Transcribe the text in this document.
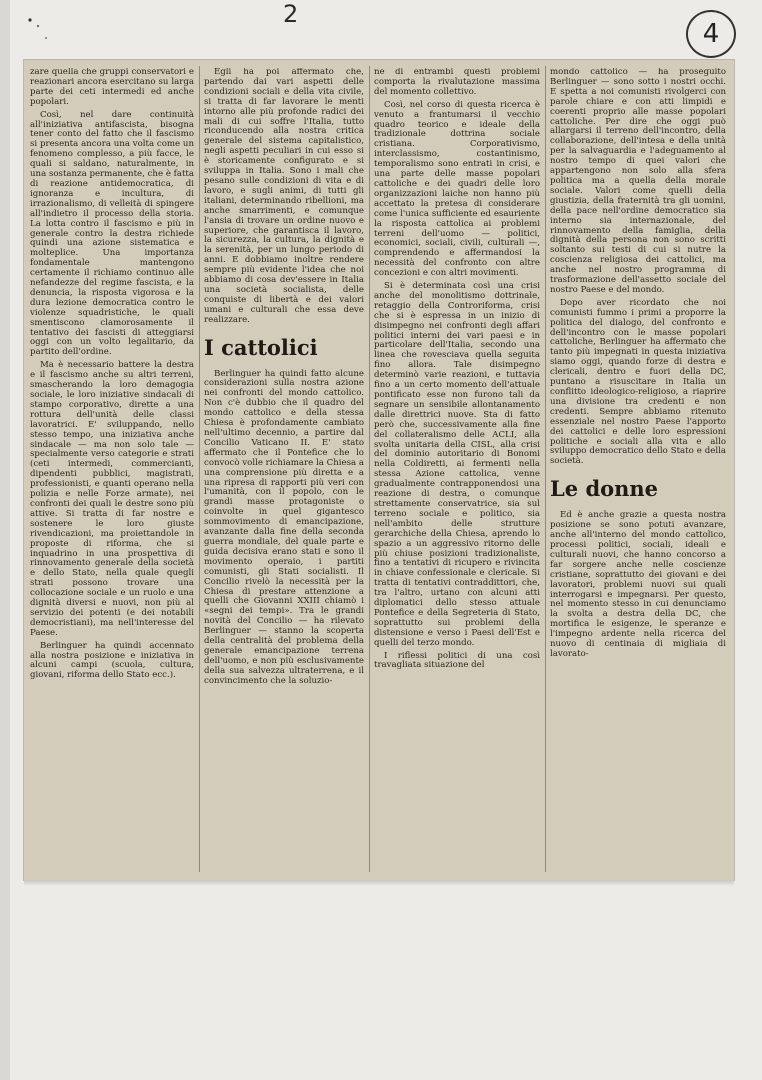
2
4

zare quella che gruppi conservatori e reazionari ancora esercitano su larga parte dei ceti intermedi ed anche popolari.

Così, nel dare continuità all'iniziativa antifascista, bisogna tener conto del fatto che il fascismo si presenta ancora una volta come un fenomeno complesso, a più facce, le quali si saldano, naturalmente, in una sostanza permanente, che è fatta di reazione antidemocratica, di ignoranza e incultura, di irrazionalismo, di velleità di spingere all'indietro il processo della storia. La lotta contro il fascismo e più in generale contro la destra richiede quindi una azione sistematica e molteplice. Una importanza fondamentale mantengono certamente il richiamo continuo alle nefandezze del regime fascista, e la denuncia, la risposta vigorosa e la dura lezione democratica contro le violenze squadristiche, le quali smentiscono clamorosamente il tentativo dei fascisti di atteggiarsi oggi con un volto legalitario, da partito dell'ordine.

Ma è necessario battere la destra e il fascismo anche su altri terreni, smascherando la loro demagogia sociale, le loro iniziative sindacali di stampo corporativo, dirette a una rottura dell'unità delle classi lavoratrici. E' sviluppando, nello stesso tempo, una iniziativa anche sindacale — ma non solo tale — specialmente verso categorie e strati (ceti intermedi, commercianti, dipendenti pubblici, magistrati, professionisti, e quanti operano nella polizia e nelle Forze armate), nei confronti dei quali le destre sono più attive. Si tratta di far nostre e sostenere le loro giuste rivendicazioni, ma proiettandole in proposte di riforma, che si inquadrino in una prospettiva di rinnovamento generale della società e dello Stato, nella quale quegli strati possono trovare una collocazione sociale e un ruolo e una dignità diversi e nuovi, non più al servizio dei potenti (e dei notabili democristiani), ma nell'interesse del Paese.

Berlinguer ha quindi accennato alla nostra posizione e iniziativa in alcuni campi (scuola, cultura, giovani, riforma dello Stato ecc.).

Egli ha poi affermato che, partendo dai vari aspetti delle condizioni sociali e della vita civile, si tratta di far lavorare le menti intorno alle più profonde radici dei mali di cui soffre l'Italia, tutto riconducendo alla nostra critica generale del sistema capitalistico, negli aspetti peculiari in cui esso si è storicamente configurato e si sviluppa in Italia. Sono i mali che pesano sulle condizioni di vita e di lavoro, e sugli animi, di tutti gli italiani, determinando ribellioni, ma anche smarrimenti, e comunque l'ansia di trovare un ordine nuovo e superiore, che garantisca il lavoro, la sicurezza, la cultura, la dignità e la serenità, per un lungo periodo di anni. E dobbiamo inoltre rendere sempre più evidente l'idea che noi abbiamo di cosa dev'essere in Italia una società socialista, delle conquiste di libertà e dei valori umani e culturali che essa deve realizzare.

I cattolici

Berlinguer ha quindi fatto alcune considerazioni sulla nostra azione nei confronti del mondo cattolico. Non c'è dubbio che il quadro del mondo cattolico e della stessa Chiesa è profondamente cambiato nell'ultimo decennio, a partire dal Concilio Vaticano II. E' stato affermato che il Pontefice che lo convocò volle richiamare la Chiesa a una comprensione più diretta e a una ripresa di rapporti più veri con l'umanità, con il popolo, con le grandi masse protagoniste o coinvolte in quel gigantesco sommovimento di emancipazione, avanzante dalla fine della seconda guerra mondiale, del quale parte e guida decisiva erano stati e sono il movimento operaio, i partiti comunisti, gli Stati socialisti. Il Concilio rivelò la necessità per la Chiesa di prestare attenzione a quelli che Giovanni XXIII chiamò i «segni dei tempi». Tra le grandi novità del Concilio — ha rilevato Berlinguer — stanno la scoperta della centralità del problema della generale emancipazione terrena dell'uomo, e non più esclusivamente della sua salvezza ultraterrena, e il convincimento che la soluzio-

ne di entrambi questi problemi comporta la rivalutazione massima del momento collettivo.

Così, nel corso di questa ricerca è venuto a frantumarsi il vecchio quadro teorico e ideale della tradizionale dottrina sociale cristiana. Corporativismo, interclassismo, costantinismo, temporalismo sono entrati in crisi, e una parte delle masse popolari cattoliche e dei quadri delle loro organizzazioni laiche non hanno più accettato la pretesa di considerare come l'unica sufficiente ed esauriente la risposta cattolica ai problemi terreni dell'uomo — politici, economici, sociali, civili, culturali —, comprendendo e affermandosi la necessità del confronto con altre concezioni e con altri movimenti.

Si è determinata così una crisi anche del monolitismo dottrinale, retaggio della Controriforma, crisi che si è espressa in un inizio di disimpegno nei confronti degli affari politici interni dei vari paesi e in particolare dell'Italia, secondo una linea che rovesciava quella seguita fino allora. Tale disimpegno determinò varie reazioni, e tuttavia fino a un certo momento dell'attuale pontificato esse non furono tali da segnare un sensibile allontanamento dalle direttrici nuove. Sta di fatto però che, successivamente alla fine del collateralismo delle ACLI, alla svolta unitaria della CISL, alla crisi del dominio autoritario di Bonomi nella Coldiretti, ai fermenti nella stessa Azione cattolica, venne gradualmente contrapponendosi una reazione di destra, o comunque strettamente conservatrice, sia sul terreno sociale e politico, sia nell'ambito delle strutture gerarchiche della Chiesa, aprendo lo spazio a un aggressivo ritorno delle più chiuse posizioni tradizionaliste, fino a tentativi di ricupero e rivincita in chiave confessionale e clericale. Si tratta di tentativi contraddittori, che, tra l'altro, urtano con alcuni atti diplomatici dello stesso attuale Pontefice e della Segreteria di Stato, soprattutto sui problemi della distensione e verso i Paesi dell'Est e quelli del terzo mondo.

I riflessi politici di una così travagliata situazione del

mondo cattolico — ha proseguito Berlinguer — sono sotto i nostri occhi. E spetta a noi comunisti rivolgerci con parole chiare e con atti limpidi e coerenti proprio alle masse popolari cattoliche. Per dire che oggi può allargarsi il terreno dell'incontro, della collaborazione, dell'intesa e della unità per la salvaguardia e l'adeguamento al nostro tempo di quei valori che appartengono non solo alla sfera politica ma a quella della morale sociale. Valori come quelli della giustizia, della fraternità tra gli uomini, della pace nell'ordine democratico sia interno sia internazionale, del rinnovamento della famiglia, della dignità della persona non sono scritti soltanto sui testi di cui si nutre la coscienza religiosa dei cattolici, ma anche nel nostro programma di trasformazione dell'assetto sociale del nostro Paese e del mondo.

Dopo aver ricordato che noi comunisti fummo i primi a proporre la politica del dialogo, del confronto e dell'incontro con le masse popolari cattoliche, Berlinguer ha affermato che tanto più impegnati in questa iniziativa siamo oggi, quando forze di destra e clericali, dentro e fuori della DC, puntano a risuscitare in Italia un conflitto ideologico-religioso, a riaprire una divisione tra credenti e non credenti. Sempre abbiamo ritenuto essenziale nel nostro Paese l'apporto dei cattolici e delle loro espressioni politiche e sociali alla vita e allo sviluppo democratico dello Stato e della società.

Le donne

Ed è anche grazie a questa nostra posizione se sono potuti avanzare, anche all'interno del mondo cattolico, processi politici, sociali, ideali e culturali nuovi, che hanno concorso a far sorgere anche nelle coscienze cristiane, soprattutto dei giovani e dei lavoratori, problemi nuovi sui quali interrogarsi e impegnarsi. Per questo, nel momento stesso in cui denunciamo la svolta a destra della DC, che mortifica le esigenze, le speranze e l'impegno ardente nella ricerca del nuovo di centinaia di migliaia di lavorato-
